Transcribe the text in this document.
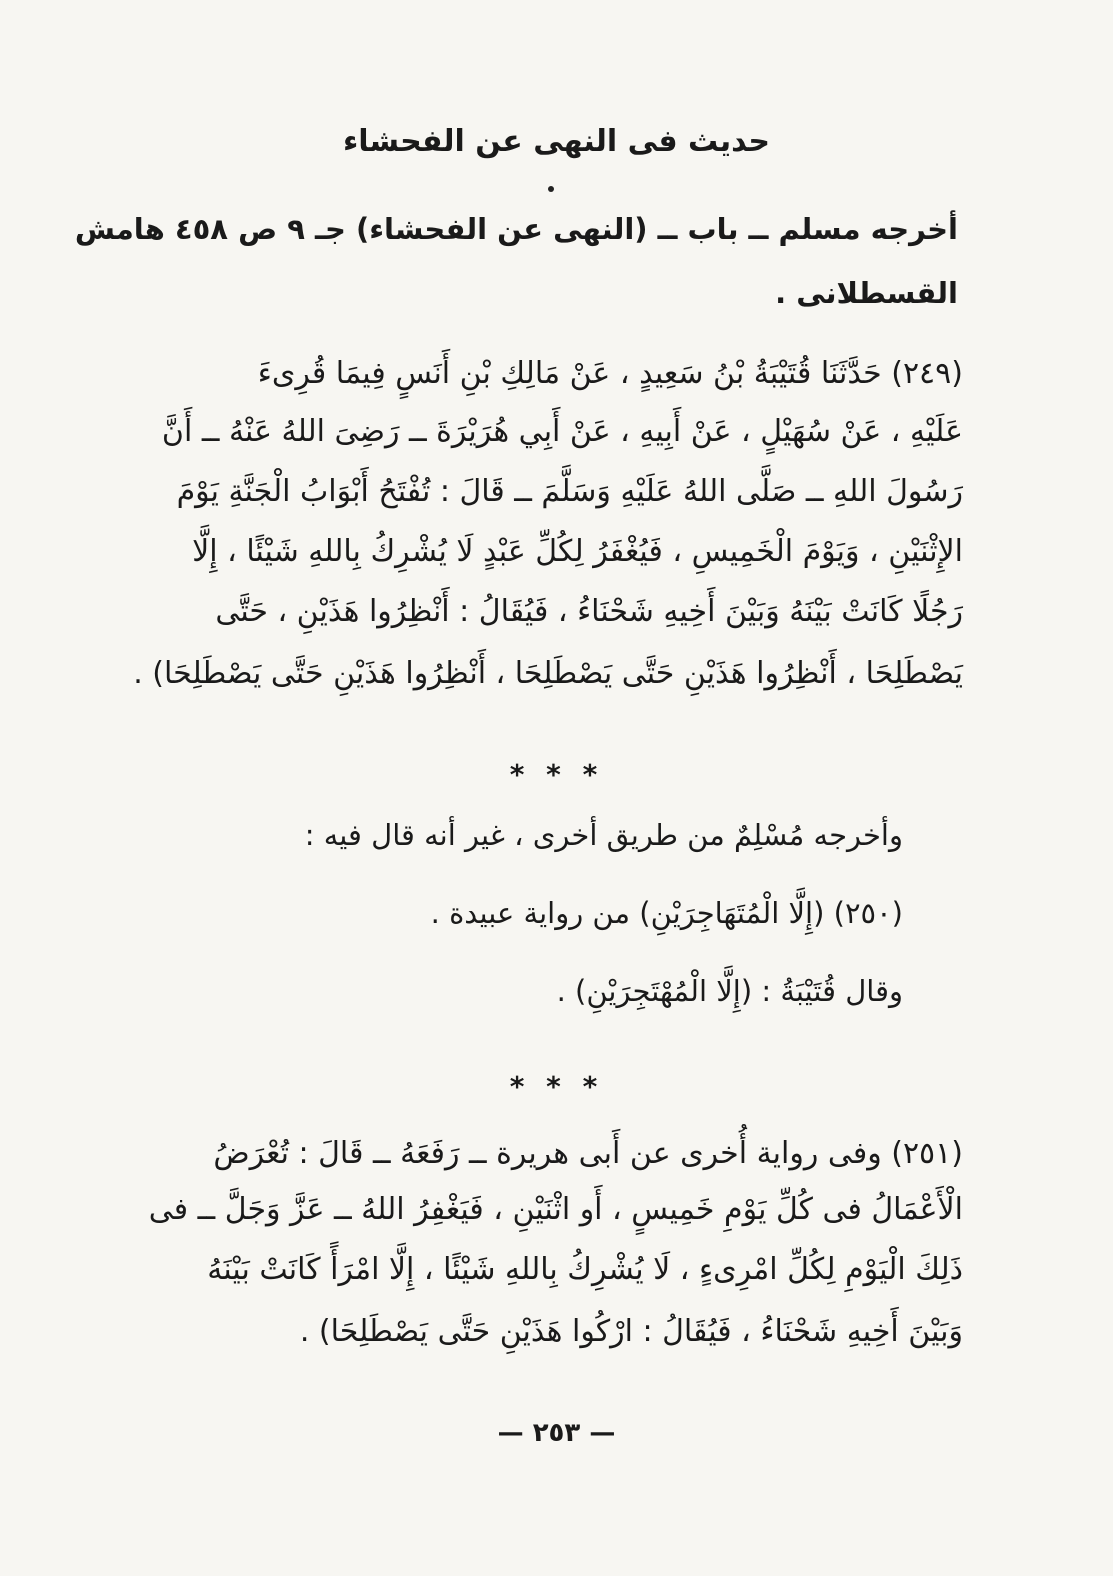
حديث فى النهى عن الفحشاء
أخرجه مسلم ــ باب ــ (النهى عن الفحشاء) جـ ٩ ص ٤٥٨ هامش
القسطلانى .
(٢٤٩) حَدَّثَنَا قُتَيْبَةُ بْنُ سَعِيدٍ ، عَنْ مَالِكِ بْنِ أَنَسٍ فِيمَا قُرِىءَ
عَلَيْهِ ، عَنْ سُهَيْلٍ ، عَنْ أَبِيهِ ، عَنْ أَبِي هُرَيْرَةَ ــ رَضِىَ اللهُ عَنْهُ ــ أَنَّ
رَسُولَ اللهِ ــ صَلَّى اللهُ عَلَيْهِ وَسَلَّمَ ــ قَالَ : تُفْتَحُ أَبْوَابُ الْجَنَّةِ يَوْمَ
الإِثْنَيْنِ ، وَيَوْمَ الْخَمِيسِ ، فَيُغْفَرُ لِكُلِّ عَبْدٍ لَا يُشْرِكُ بِاللهِ شَيْئًا ، إِلَّا
رَجُلًا كَانَتْ بَيْنَهُ وَبَيْنَ أَخِيهِ شَحْنَاءُ ، فَيُقَالُ : أَنْظِرُوا هَذَيْنِ ، حَتَّى
يَصْطَلِحَا ، أَنْظِرُوا هَذَيْنِ حَتَّى يَصْطَلِحَا ، أَنْظِرُوا هَذَيْنِ حَتَّى يَصْطَلِحَا) .
* * *
وأخرجه مُسْلِمٌ من طريق أخرى ، غير أنه قال فيه :
(٢٥٠) (إِلَّا الْمُتَهَاجِرَيْنِ) من رواية عبيدة .
وقال قُتَيْبَةُ : (إِلَّا الْمُهْتَجِرَيْنِ) .
* * *
(٢٥١) وفى رواية أُخرى عن أَبى هريرة ــ رَفَعَهُ ــ قَالَ : تُعْرَضُ
الْأَعْمَالُ فى كُلِّ يَوْمِ خَمِيسٍ ، أَو اثْنَيْنِ ، فَيَغْفِرُ اللهُ ــ عَزَّ وَجَلَّ ــ فى
ذَلِكَ الْيَوْمِ لِكُلِّ امْرِىءٍ ، لَا يُشْرِكُ بِاللهِ شَيْئًا ، إِلَّا امْرَأً كَانَتْ بَيْنَهُ
وَبَيْنَ أَخِيهِ شَحْنَاءُ ، فَيُقَالُ : ارْكُوا هَذَيْنِ حَتَّى يَصْطَلِحَا) .
— ٢٥٣ —
